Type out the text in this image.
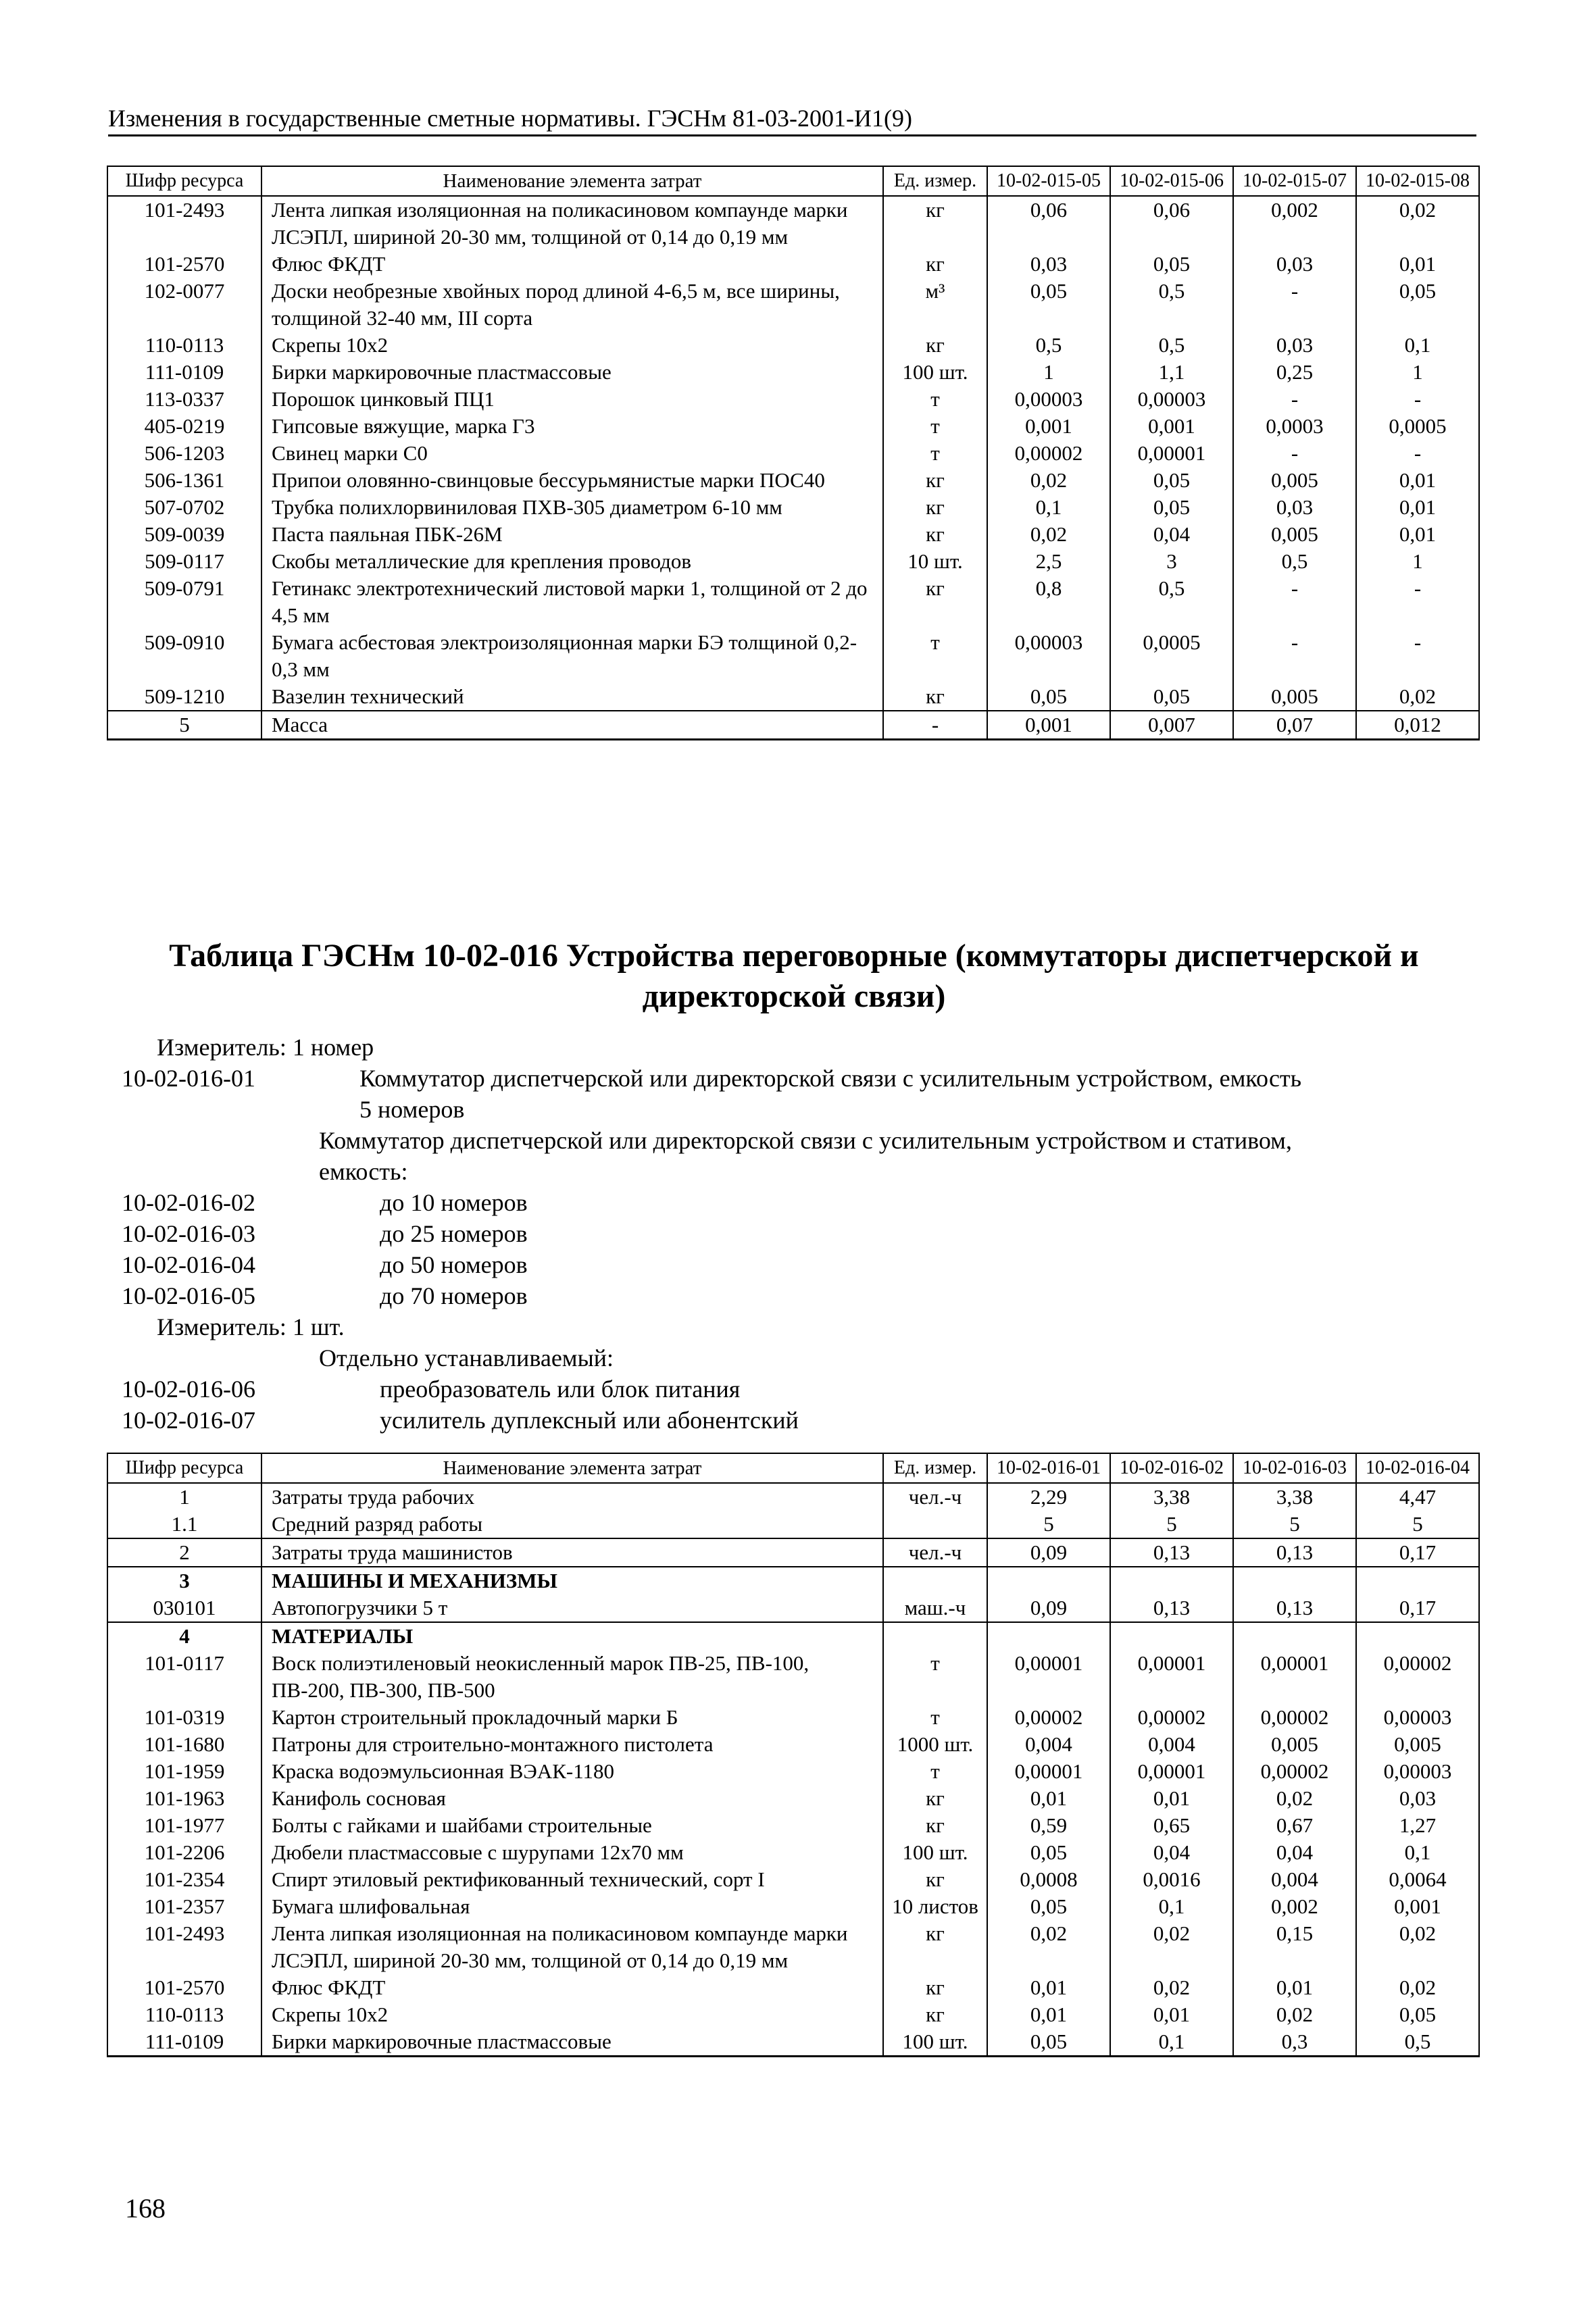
Изменения в государственные сметные нормативы. ГЭСНм 81-03-2001-И1(9)
Шифр ресурса	Наименование элемента затрат	Ед. измер.	10-02-015-05	10-02-015-06	10-02-015-07	10-02-015-08
101-2493	Лента липкая изоляционная на поликасиновом компаунде марки ЛСЭПЛ, шириной 20-30 мм, толщиной от 0,14 до 0,19 мм	кг	0,06	0,06	0,002	0,02
101-2570	Флюс ФКДТ	кг	0,03	0,05	0,03	0,01
102-0077	Доски необрезные хвойных пород длиной 4-6,5 м, все ширины, толщиной 32-40 мм, III сорта	м³	0,05	0,5	-	0,05
110-0113	Скрепы 10х2	кг	0,5	0,5	0,03	0,1
111-0109	Бирки маркировочные пластмассовые	100 шт.	1	1,1	0,25	1
113-0337	Порошок цинковый ПЦ1	т	0,00003	0,00003	-	-
405-0219	Гипсовые вяжущие, марка Г3	т	0,001	0,001	0,0003	0,0005
506-1203	Свинец марки С0	т	0,00002	0,00001	-	-
506-1361	Припои оловянно-свинцовые бессурьмянистые марки ПОС40	кг	0,02	0,05	0,005	0,01
507-0702	Трубка полихлорвиниловая ПХВ-305 диаметром 6-10 мм	кг	0,1	0,05	0,03	0,01
509-0039	Паста паяльная ПБК-26М	кг	0,02	0,04	0,005	0,01
509-0117	Скобы металлические для крепления проводов	10 шт.	2,5	3	0,5	1
509-0791	Гетинакс электротехнический листовой марки 1, толщиной от 2 до 4,5 мм	кг	0,8	0,5	-	-
509-0910	Бумага асбестовая электроизоляционная марки БЭ толщиной 0,2-0,3 мм	т	0,00003	0,0005	-	-
509-1210	Вазелин технический	кг	0,05	0,05	0,005	0,02
5	Масса	-	0,001	0,007	0,07	0,012
Таблица ГЭСНм 10-02-016 Устройства переговорные (коммутаторы диспетчерской и директорской связи)
Измеритель: 1 номер
10-02-016-01	Коммутатор диспетчерской или директорской связи с усилительным устройством, емкость
5 номеров
Коммутатор диспетчерской или директорской связи с усилительным устройством и стативом,
емкость:
10-02-016-02	до 10 номеров
10-02-016-03	до 25 номеров
10-02-016-04	до 50 номеров
10-02-016-05	до 70 номеров
Измеритель: 1 шт.
Отдельно устанавливаемый:
10-02-016-06	преобразователь или блок питания
10-02-016-07	усилитель дуплексный или абонентский
Шифр ресурса	Наименование элемента затрат	Ед. измер.	10-02-016-01	10-02-016-02	10-02-016-03	10-02-016-04
1	Затраты труда рабочих	чел.-ч	2,29	3,38	3,38	4,47
1.1	Средний разряд работы		5	5	5	5
2	Затраты труда машинистов	чел.-ч	0,09	0,13	0,13	0,17
3	МАШИНЫ И МЕХАНИЗМЫ					
030101	Автопогрузчики 5 т	маш.-ч	0,09	0,13	0,13	0,17
4	МАТЕРИАЛЫ					
101-0117	Воск полиэтиленовый неокисленный марок ПВ-25, ПВ-100, ПВ-200, ПВ-300, ПВ-500	т	0,00001	0,00001	0,00001	0,00002
101-0319	Картон строительный прокладочный марки Б	т	0,00002	0,00002	0,00002	0,00003
101-1680	Патроны для строительно-монтажного пистолета	1000 шт.	0,004	0,004	0,005	0,005
101-1959	Краска водоэмульсионная ВЭАК-1180	т	0,00001	0,00001	0,00002	0,00003
101-1963	Канифоль сосновая	кг	0,01	0,01	0,02	0,03
101-1977	Болты с гайками и шайбами строительные	кг	0,59	0,65	0,67	1,27
101-2206	Дюбели пластмассовые с шурупами 12х70 мм	100 шт.	0,05	0,04	0,04	0,1
101-2354	Спирт этиловый ректификованный технический, сорт I	кг	0,0008	0,0016	0,004	0,0064
101-2357	Бумага шлифовальная	10 листов	0,05	0,1	0,002	0,001
101-2493	Лента липкая изоляционная на поликасиновом компаунде марки ЛСЭПЛ, шириной 20-30 мм, толщиной от 0,14 до 0,19 мм	кг	0,02	0,02	0,15	0,02
101-2570	Флюс ФКДТ	кг	0,01	0,02	0,01	0,02
110-0113	Скрепы 10х2	кг	0,01	0,01	0,02	0,05
111-0109	Бирки маркировочные пластмассовые	100 шт.	0,05	0,1	0,3	0,5
168
